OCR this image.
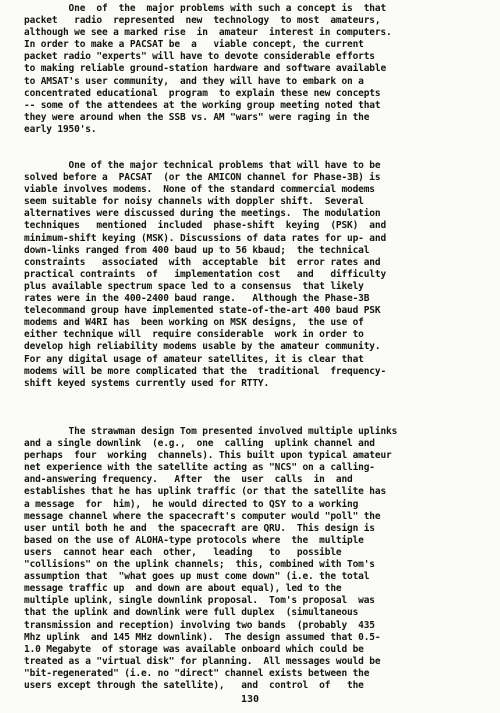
One  of  the  major problems with such a concept is  that
packet   radio  represented  new  technology  to most  amateurs,
although we see a marked rise  in  amateur  interest in computers.
In order to make a PACSAT be  a   viable concept, the current
packet radio "experts" will have to devote considerable efforts
to making reliable ground-station hardware and software available
to AMSAT's user community,  and they will have to embark on a
concentrated educational  program  to explain these new concepts
-- some of the attendees at the working group meeting noted that
they were around when the SSB vs. AM "wars" were raging in the
early 1950's.
One of the major technical problems that will have to be
solved before a  PACSAT  (or the AMICON channel for Phase-3B) is
viable involves modems.  None of the standard commercial modems
seem suitable for noisy channels with doppler shift.  Several
alternatives were discussed during the meetings.  The modulation
techniques   mentioned  included  phase-shift  keying  (PSK)  and
minimum-shift keying (MSK). Discussions of data rates for up- and
down-links ranged from 400 baud up to 56 kbaud;  the technical
constraints   associated  with  acceptable  bit  error rates and
practical contraints  of   implementation cost   and   difficulty
plus available spectrum space led to a consensus  that likely
rates were in the 400-2400 baud range.   Although the Phase-3B
telecommand group have implemented state-of-the-art 400 baud PSK
modems and W4RI has  been working on MSK designs,  the use of
either technique will  require considerable  work in order to
develop high reliability modems usable by the amateur community.
For any digital usage of amateur satellites, it is clear that
modems will be more complicated that the  traditional  frequency-
shift keyed systems currently used for RTTY.
The strawman design Tom presented involved multiple uplinks
and a single downlink  (e.g.,  one  calling  uplink channel and
perhaps  four  working  channels). This built upon typical amateur
net experience with the satellite acting as "NCS" on a calling-
and-answering frequency.   After  the  user  calls  in  and
establishes that he has uplink traffic (or that the satellite has
a message  for  him),  he would directed to QSY to a working
message channel where the spacecraft's computer would "poll" the
user until both he and  the spacecraft are QRU.  This design is
based on the use of ALOHA-type protocols where  the  multiple
users  cannot hear each  other,   leading   to   possible
"collisions" on the uplink channels;  this, combined with Tom's
assumption that  "what goes up must come down" (i.e. the total
message traffic up  and down are about equal), led to the
multiple uplink, single downlink proposal.  Tom's proposal  was
that the uplink and downlink were full duplex  (simultaneous
transmission and reception) involving two bands  (probably  435
Mhz uplink  and 145 MHz downlink).  The design assumed that 0.5-
1.0 Megabyte  of storage was available onboard which could be
treated as a "virtual disk" for planning.  All messages would be
"bit-regenerated" (i.e. no "direct" channel exists between the
users except through the satellite),   and  control  of   the
130
